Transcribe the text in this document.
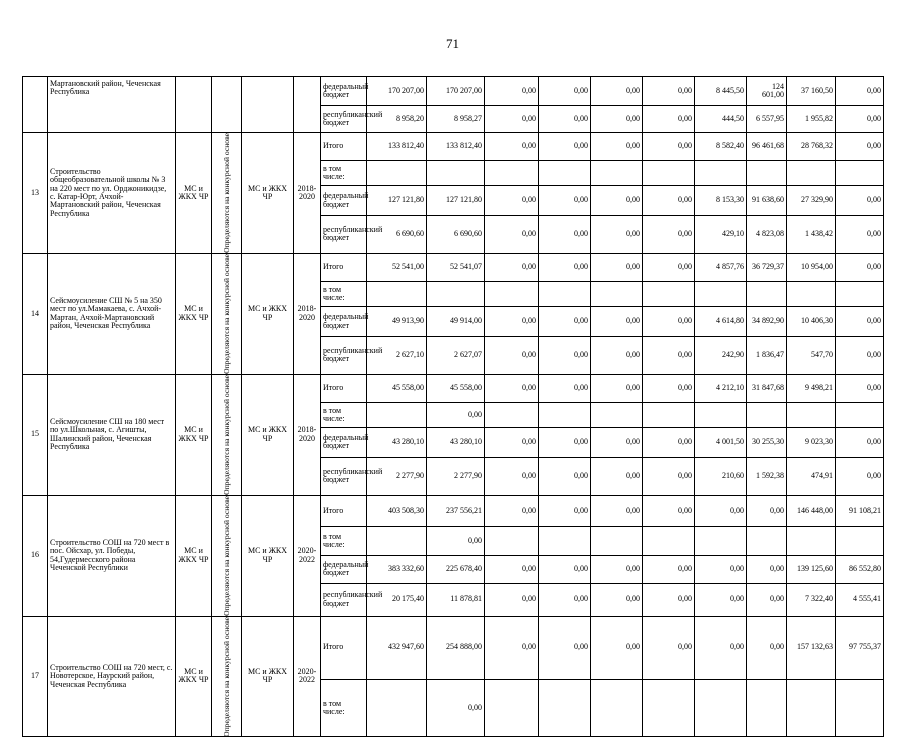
71
	Мартановский район, Чеченская Республика					федеральный бюджет	170 207,00	170 207,00	0,00	0,00	0,00	0,00	8 445,50	124 601,00	37 160,50	0,00
						республиканский бюджет	8 958,20	8 958,27	0,00	0,00	0,00	0,00	444,50	6 557,95	1 955,82	0,00
13	Строительство общеобразовательной школы № 3 на 220 мест по ул. Орджоникидзе, с. Катар-Юрт, Ачхой-Мартановский район, Чеченская Республика	МС и ЖКХ ЧР	Определяются на конкурсной основе	МС и ЖКХ ЧР	2018-2020	Итого	133 812,40	133 812,40	0,00	0,00	0,00	0,00	8 582,40	96 461,68	28 768,32	0,00
						в том числе:										
						федеральный бюджет	127 121,80	127 121,80	0,00	0,00	0,00	0,00	8 153,30	91 638,60	27 329,90	0,00
						республиканский бюджет	6 690,60	6 690,60	0,00	0,00	0,00	0,00	429,10	4 823,08	1 438,42	0,00
14	Сейсмоусиление СШ № 5 на 350 мест по ул.Мамакаева, с. Ачхой-Мартан, Ачхой-Мартановский район, Чеченская Республика	МС и ЖКХ ЧР	Определяются на конкурсной основе	МС и ЖКХ ЧР	2018-2020	Итого	52 541,00	52 541,07	0,00	0,00	0,00	0,00	4 857,76	36 729,37	10 954,00	0,00
						в том числе:										
						федеральный бюджет	49 913,90	49 914,00	0,00	0,00	0,00	0,00	4 614,80	34 892,90	10 406,30	0,00
						республиканский бюджет	2 627,10	2 627,07	0,00	0,00	0,00	0,00	242,90	1 836,47	547,70	0,00
15	Сейсмоусиление СШ на 180 мест по ул.Школьная, с. Агишты, Шалинский район, Чеченская Республика	МС и ЖКХ ЧР	Определяются на конкурсной основе	МС и ЖКХ ЧР	2018-2020	Итого	45 558,00	45 558,00	0,00	0,00	0,00	0,00	4 212,10	31 847,68	9 498,21	0,00
						в том числе:		0,00								
						федеральный бюджет	43 280,10	43 280,10	0,00	0,00	0,00	0,00	4 001,50	30 255,30	9 023,30	0,00
						республиканский бюджет	2 277,90	2 277,90	0,00	0,00	0,00	0,00	210,60	1 592,38	474,91	0,00
16	Строительство СОШ на 720 мест в пос. Ойсхар, ул. Победы, 54,Гудермесского района Чеченской Республики	МС и ЖКХ ЧР	Определяются на конкурсной основе	МС и ЖКХ ЧР	2020-2022	Итого	403 508,30	237 556,21	0,00	0,00	0,00	0,00	0,00	0,00	146 448,00	91 108,21
						в том числе:		0,00								
						федеральный бюджет	383 332,60	225 678,40	0,00	0,00	0,00	0,00	0,00	0,00	139 125,60	86 552,80
						республиканский бюджет	20 175,40	11 878,81	0,00	0,00	0,00	0,00	0,00	0,00	7 322,40	4 555,41
17	Строительство СОШ на 720 мест, с. Новотерское, Наурский район, Чеченская Республика	МС и ЖКХ ЧР	Определяются на конкурсной основе	МС и ЖКХ ЧР	2020-2022	Итого	432 947,60	254 888,00	0,00	0,00	0,00	0,00	0,00	0,00	157 132,63	97 755,37
						в том числе:		0,00								
